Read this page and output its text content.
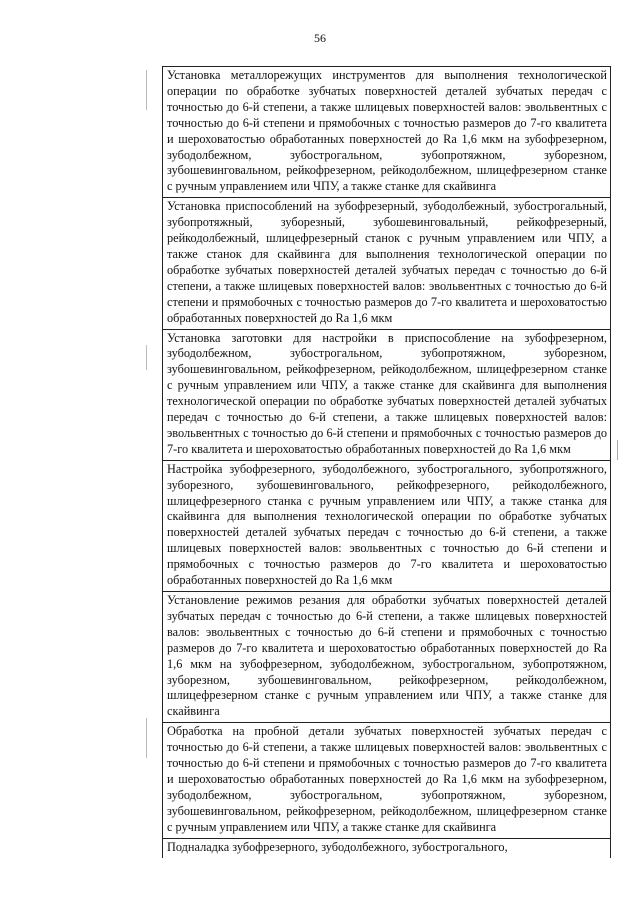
56

Установка металлорежущих инструментов для выполнения технологической операции по обработке зубчатых поверхностей деталей зубчатых передач с точностью до 6-й степени, а также шлицевых поверхностей валов: эвольвентных с точностью до 6-й степени и прямобочных с точностью размеров до 7-го квалитета и шероховатостью обработанных поверхностей до Ra 1,6 мкм на зубофрезерном, зубодолбежном, зубострогальном, зубопротяжном, зуборезном, зубошевинговальном, рейкофрезерном, рейкодолбежном, шлицефрезерном станке с ручным управлением или ЧПУ, а также станке для скайвинга

Установка приспособлений на зубофрезерный, зубодолбежный, зубострогальный, зубопротяжный, зуборезный, зубошевинговальный, рейкофрезерный, рейкодолбежный, шлицефрезерный станок с ручным управлением или ЧПУ, а также станок для скайвинга для выполнения технологической операции по обработке зубчатых поверхностей деталей зубчатых передач с точностью до 6-й степени, а также шлицевых поверхностей валов: эвольвентных с точностью до 6-й степени и прямобочных с точностью размеров до 7-го квалитета и шероховатостью обработанных поверхностей до Ra 1,6 мкм

Установка заготовки для настройки в приспособление на зубофрезерном, зубодолбежном, зубострогальном, зубопротяжном, зуборезном, зубошевинговальном, рейкофрезерном, рейкодолбежном, шлицефрезерном станке с ручным управлением или ЧПУ, а также станке для скайвинга для выполнения технологической операции по обработке зубчатых поверхностей деталей зубчатых передач с точностью до 6-й степени, а также шлицевых поверхностей валов: эвольвентных с точностью до 6-й степени и прямобочных с точностью размеров до 7-го квалитета и шероховатостью обработанных поверхностей до Ra 1,6 мкм

Настройка зубофрезерного, зубодолбежного, зубострогального, зубопротяжного, зуборезного, зубошевинговального, рейкофрезерного, рейкодолбежного, шлицефрезерного станка с ручным управлением или ЧПУ, а также станка для скайвинга для выполнения технологической операции по обработке зубчатых поверхностей деталей зубчатых передач с точностью до 6-й степени, а также шлицевых поверхностей валов: эвольвентных с точностью до 6-й степени и прямобочных с точностью размеров до 7-го квалитета и шероховатостью обработанных поверхностей до Ra 1,6 мкм

Установление режимов резания для обработки зубчатых поверхностей деталей зубчатых передач с точностью до 6-й степени, а также шлицевых поверхностей валов: эвольвентных с точностью до 6-й степени и прямобочных с точностью размеров до 7-го квалитета и шероховатостью обработанных поверхностей до Ra 1,6 мкм на зубофрезерном, зубодолбежном, зубострогальном, зубопротяжном, зуборезном, зубошевинговальном, рейкофрезерном, рейкодолбежном, шлицефрезерном станке с ручным управлением или ЧПУ, а также станке для скайвинга

Обработка на пробной детали зубчатых поверхностей зубчатых передач с точностью до 6-й степени, а также шлицевых поверхностей валов: эвольвентных с точностью до 6-й степени и прямобочных с точностью размеров до 7-го квалитета и шероховатостью обработанных поверхностей до Ra 1,6 мкм на зубофрезерном, зубодолбежном, зубострогальном, зубопротяжном, зуборезном, зубошевинговальном, рейкофрезерном, рейкодолбежном, шлицефрезерном станке с ручным управлением или ЧПУ, а также станке для скайвинга

Подналадка зубофрезерного, зубодолбежного, зубострогального,
